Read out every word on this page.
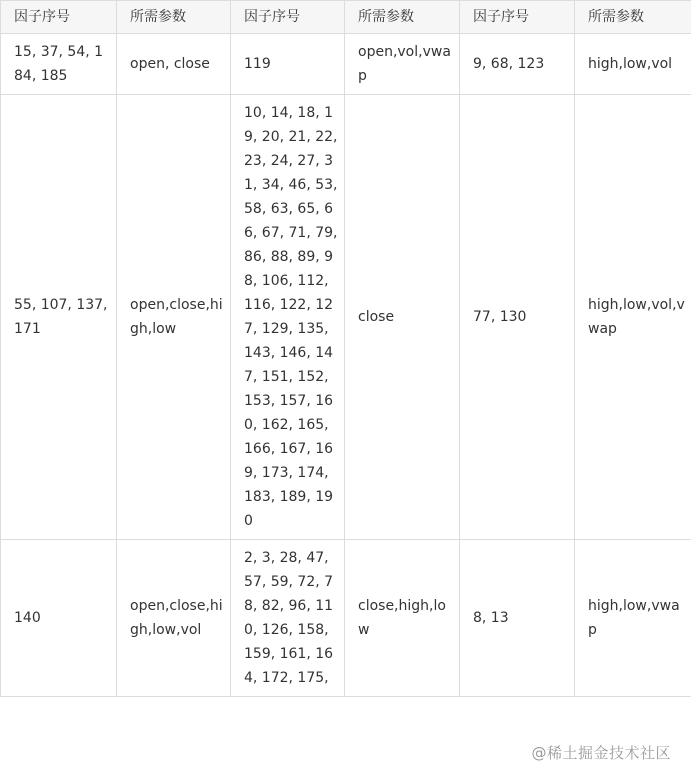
因子序号	所需参数	因子序号	所需参数	因子序号	所需参数
15, 37, 54, 184, 185	open, close	119	open,vol,vwap	9, 68, 123	high,low,vol
55, 107, 137, 171	open,close,high,low	10, 14, 18, 19, 20, 21, 22, 23, 24, 27, 31, 34, 46, 53, 58, 63, 65, 66, 67, 71, 79, 86, 88, 89, 98, 106, 112, 116, 122, 127, 129, 135, 143, 146, 147, 151, 152, 153, 157, 160, 162, 165, 166, 167, 169, 173, 174, 183, 189, 190	close	77, 130	high,low,vol,vwap
140	open,close,high,low,vol	2, 3, 28, 47, 57, 59, 72, 78, 82, 96, 110, 126, 158, 159, 161, 164, 172, 175,	close,high,low	8, 13	high,low,vwap
@稀土掘金技术社区
